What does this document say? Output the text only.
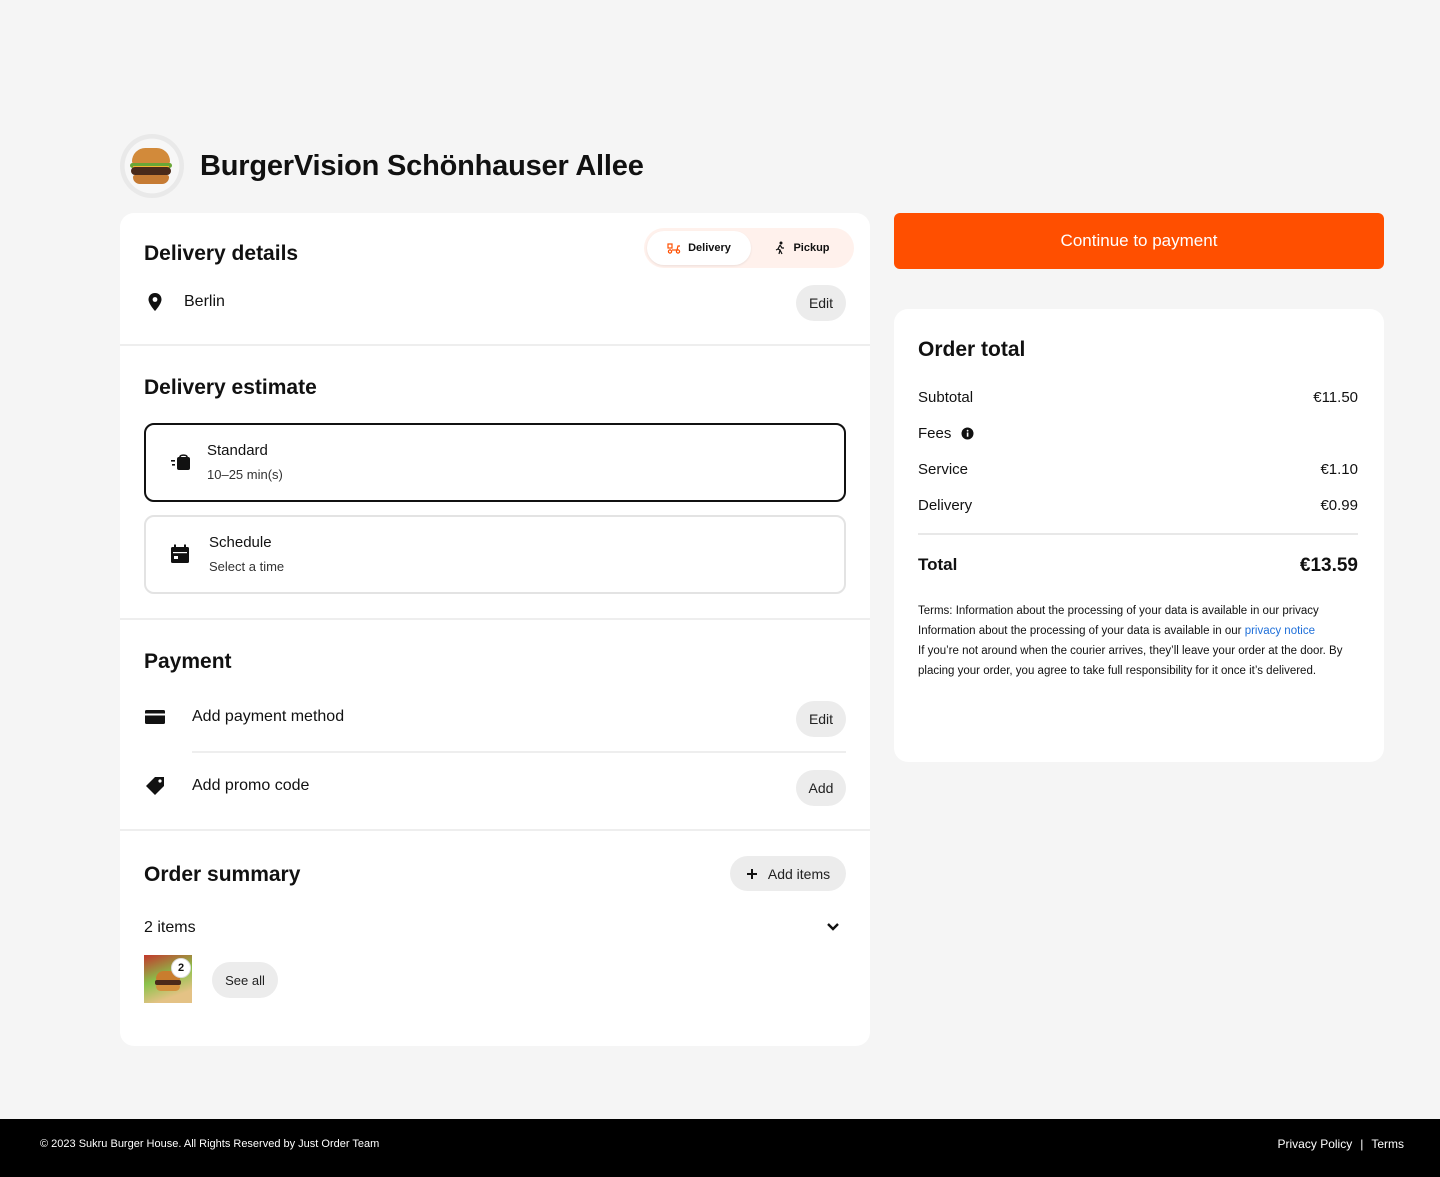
BurgerVision Schönhauser Allee
Delivery details	Delivery	Pickup
Berlin	Edit
Delivery estimate
Standard
10–25 min(s)
Schedule
Select a time
Payment
Add payment method	Edit
Add promo code	Add
Order summary	Add items
2 items
2
See all
Continue to payment
Order total
Subtotal	€11.50
Fees
Service	€1.10
Delivery	€0.99
Total	€13.59
Terms: Information about the processing of your data is available in our privacy
Information about the processing of your data is available in our privacy notice
If you’re not around when the courier arrives, they’ll leave your order at the door. By placing your order, you agree to take full responsibility for it once it’s delivered.
© 2023 Sukru Burger House. All Rights Reserved by Just Order Team	Privacy Policy | Terms
